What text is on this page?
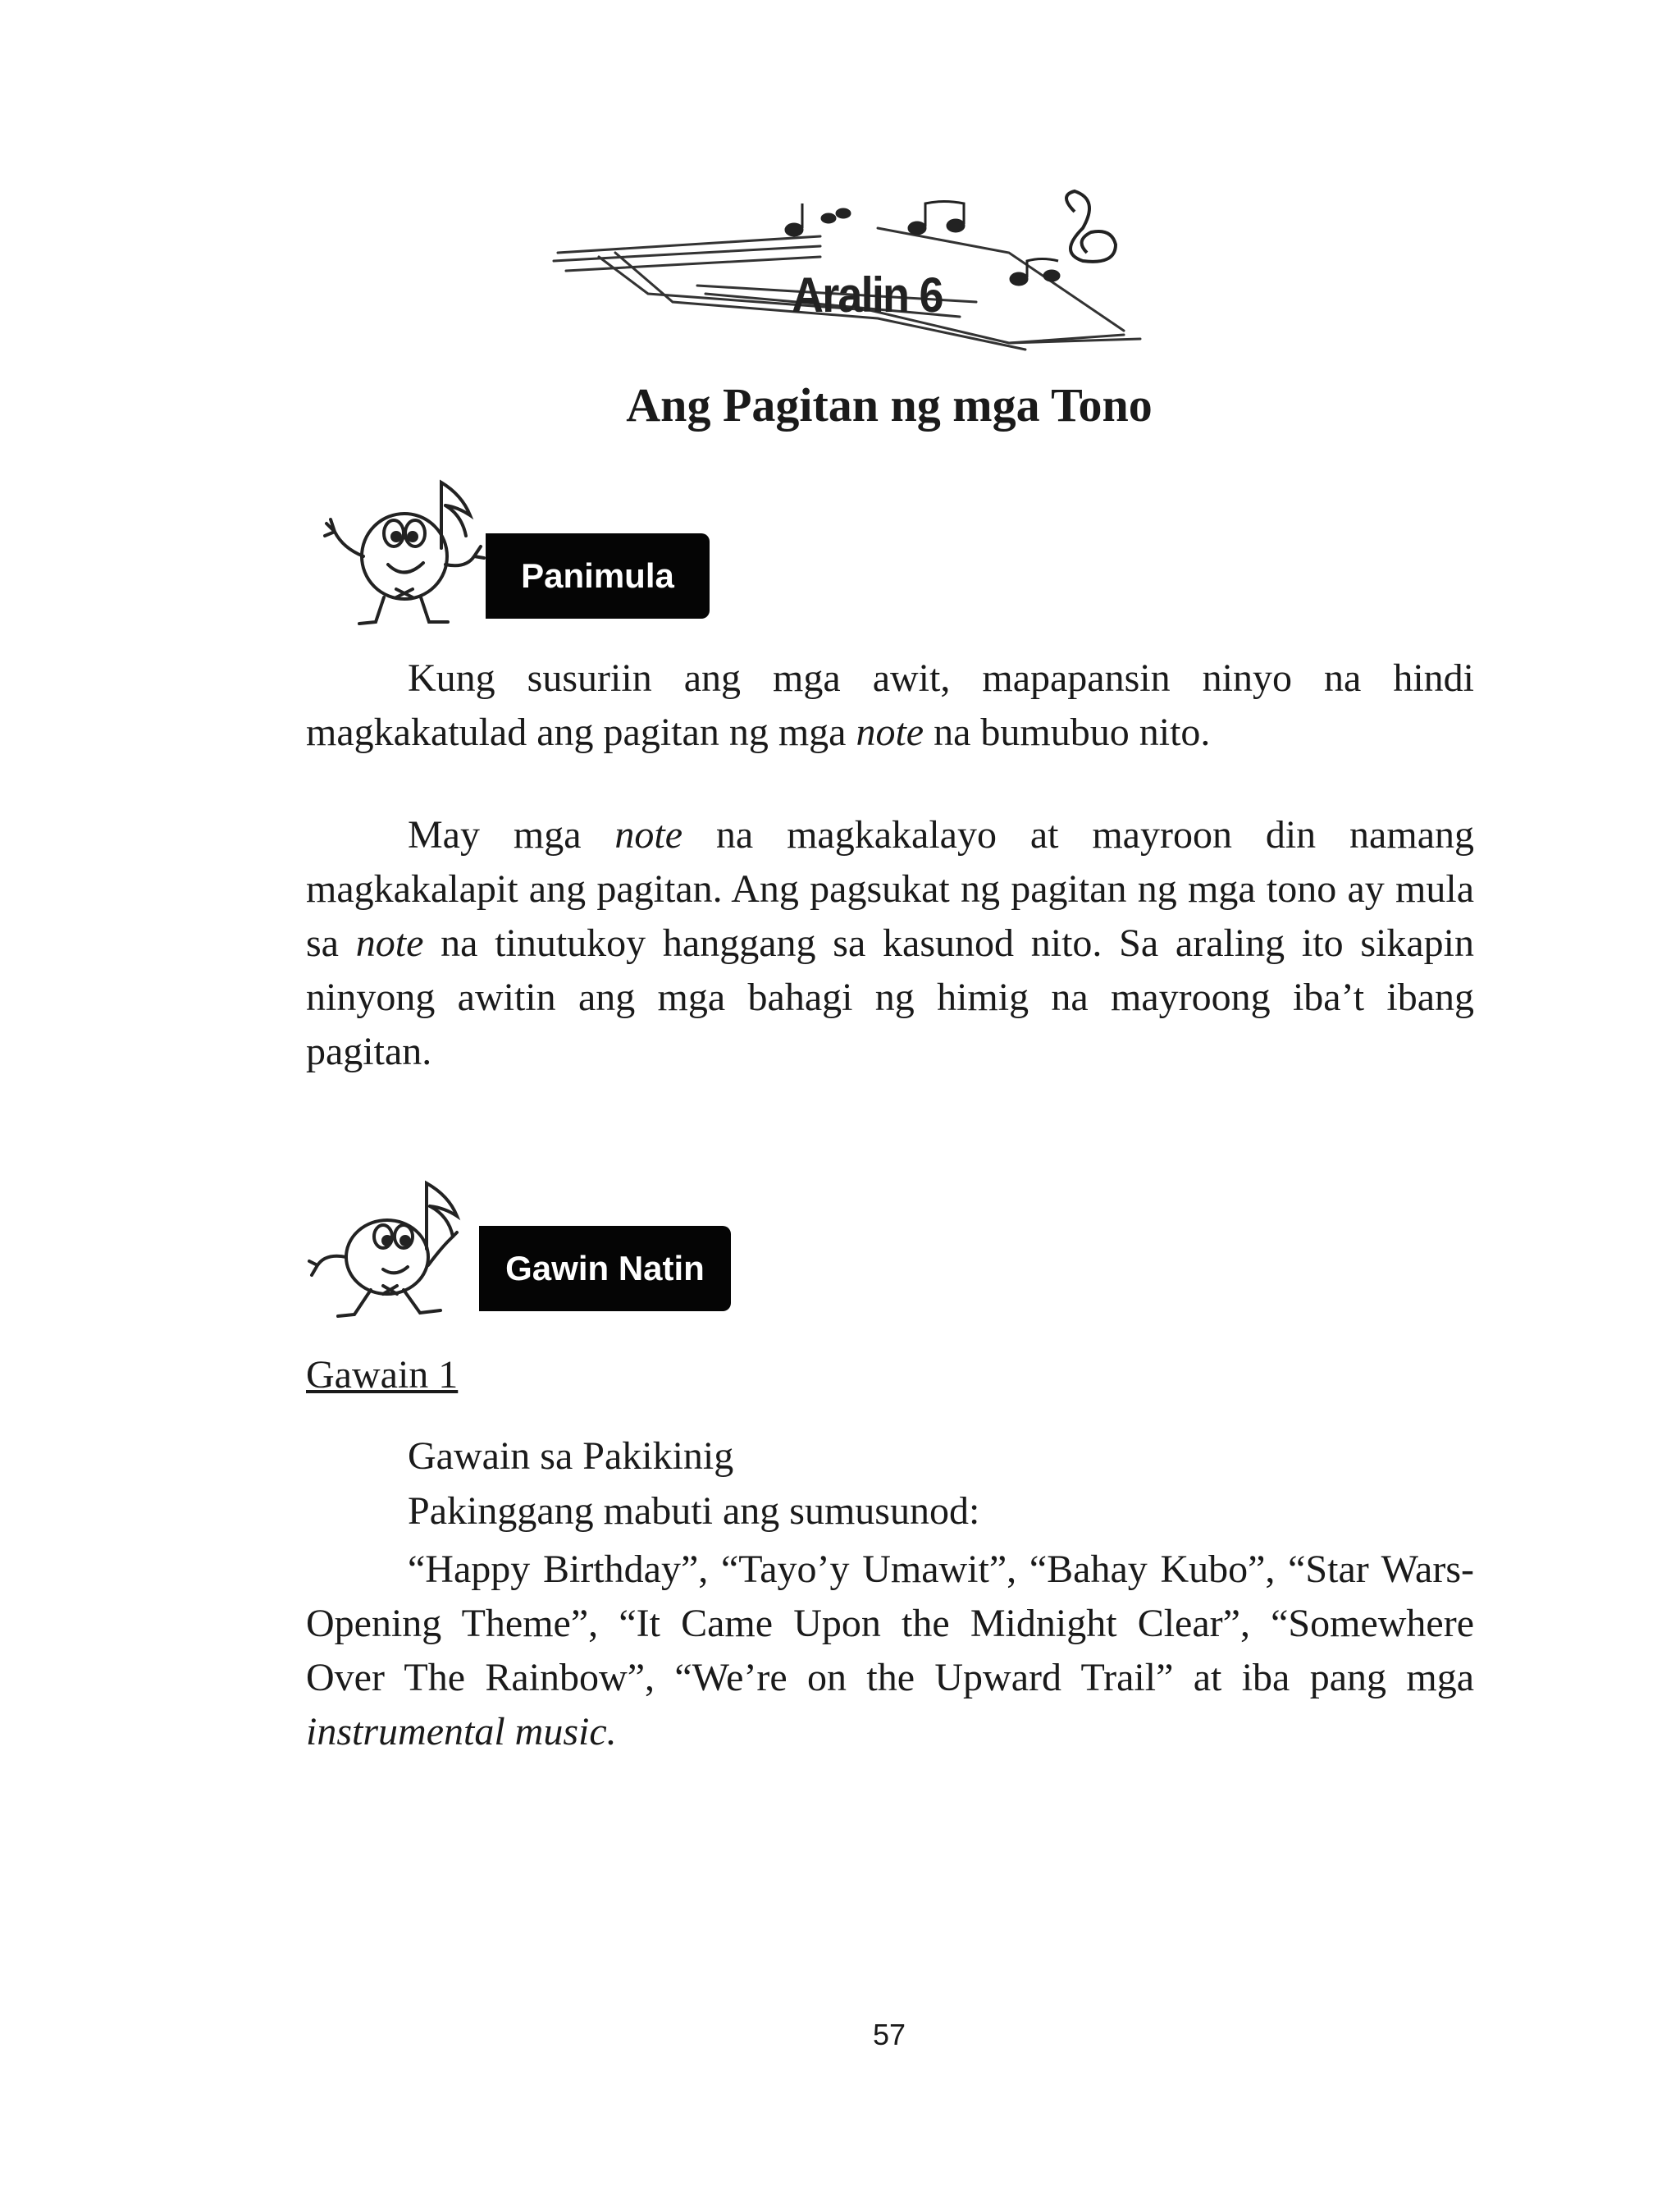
Aralin 6
Ang Pagitan ng mga Tono
Panimula

Kung susuriin ang mga awit, mapapansin ninyo na hindi magkakatulad ang pagitan ng mga note na bumubuo nito.

May mga note na magkakalayo at mayroon din namang magkakalapit ang pagitan. Ang pagsukat ng pagitan ng mga tono ay mula sa note na tinutukoy hanggang sa kasunod nito. Sa araling ito sikapin ninyong awitin ang mga bahagi ng himig na mayroong iba’t ibang pagitan.

Gawin Natin
Gawain 1
Gawain sa Pakikinig
Pakinggang mabuti ang sumusunod:

“Happy Birthday”, “Tayo’y Umawit”, “Bahay Kubo”, “Star Wars-Opening Theme”, “It Came Upon the Midnight Clear”, “Somewhere Over The Rainbow”, “We’re on the Upward Trail” at iba pang mga instrumental music.

57
